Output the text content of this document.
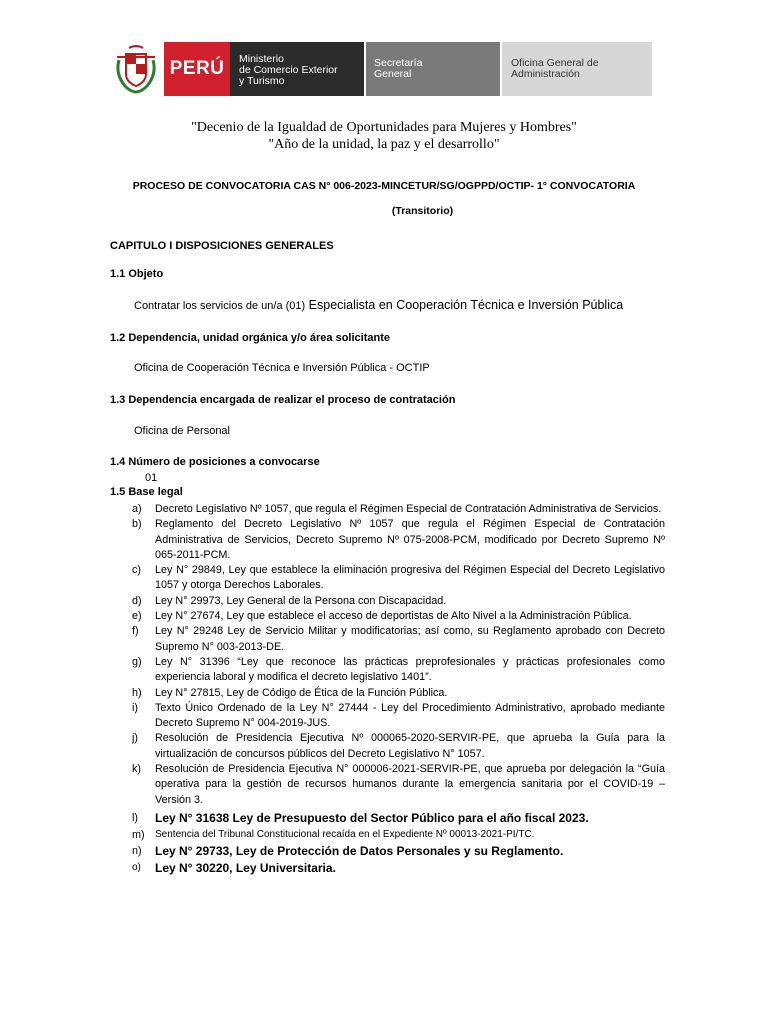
PERÚ	Ministerio
de Comercio Exterior
y Turismo
Secretaría
General
Oficina General de
Administración
"Decenio de la Igualdad de Oportunidades para Mujeres y Hombres"
"Año de la unidad, la paz y el desarrollo"
PROCESO DE CONVOCATORIA CAS N° 006-2023-MINCETUR/SG/OGPPD/OCTIP- 1° CONVOCATORIA
(Transitorio)
CAPITULO I DISPOSICIONES GENERALES
1.1 Objeto
Contratar los servicios de un/a (01) Especialista en Cooperación Técnica e Inversión Pública
1.2 Dependencia, unidad orgánica y/o área solicitante
Oficina de Cooperación Técnica e Inversión Pública - OCTIP
1.3 Dependencia encargada de realizar el proceso de contratación
Oficina de Personal
1.4 Número de posiciones a convocarse
01
1.5 Base legal
a) Decreto Legislativo Nº 1057, que regula el Régimen Especial de Contratación Administrativa de Servicios.
b) Reglamento del Decreto Legislativo Nº 1057 que regula el Régimen Especial de Contratación Administrativa de Servicios, Decreto Supremo Nº 075-2008-PCM, modificado por Decreto Supremo Nº 065-2011-PCM.
c) Ley N° 29849, Ley que establece la eliminación progresiva del Régimen Especial del Decreto Legislativo 1057 y otorga Derechos Laborales.
d) Ley N° 29973, Ley General de la Persona con Discapacidad.
e) Ley N° 27674, Ley que establece el acceso de deportistas de Alto Nivel a la Administración Pública.
f) Ley N° 29248 Ley de Servicio Militar y modificatorias; así como, su Reglamento aprobado con Decreto Supremo N° 003-2013-DE.
g) Ley N° 31396 “Ley que reconoce las prácticas preprofesionales y prácticas profesionales como experiencia laboral y modifica el decreto legislativo 1401”.
h) Ley N° 27815, Ley de Código de Ética de la Función Pública.
i) Texto Único Ordenado de la Ley N° 27444 - Ley del Procedimiento Administrativo, aprobado mediante Decreto Supremo N° 004-2019-JUS.
j) Resolución de Presidencia Ejecutiva Nº 000065-2020-SERVIR-PE, que aprueba la Guía para la virtualización de concursos públicos del Decreto Legislativo N° 1057.
k) Resolución de Presidencia Ejecutiva N° 000006-2021-SERVIR-PE, que aprueba por delegación la “Guía operativa para la gestión de recursos humanos durante la emergencia sanitaria por el COVID-19 – Versión 3.
l) Ley N° 31638 Ley de Presupuesto del Sector Público para el año fiscal 2023.
m) Sentencia del Tribunal Constitucional recaída en el Expediente Nº 00013-2021-PI/TC.
n) Ley N° 29733, Ley de Protección de Datos Personales y su Reglamento.
o) Ley N° 30220, Ley Universitaria.
